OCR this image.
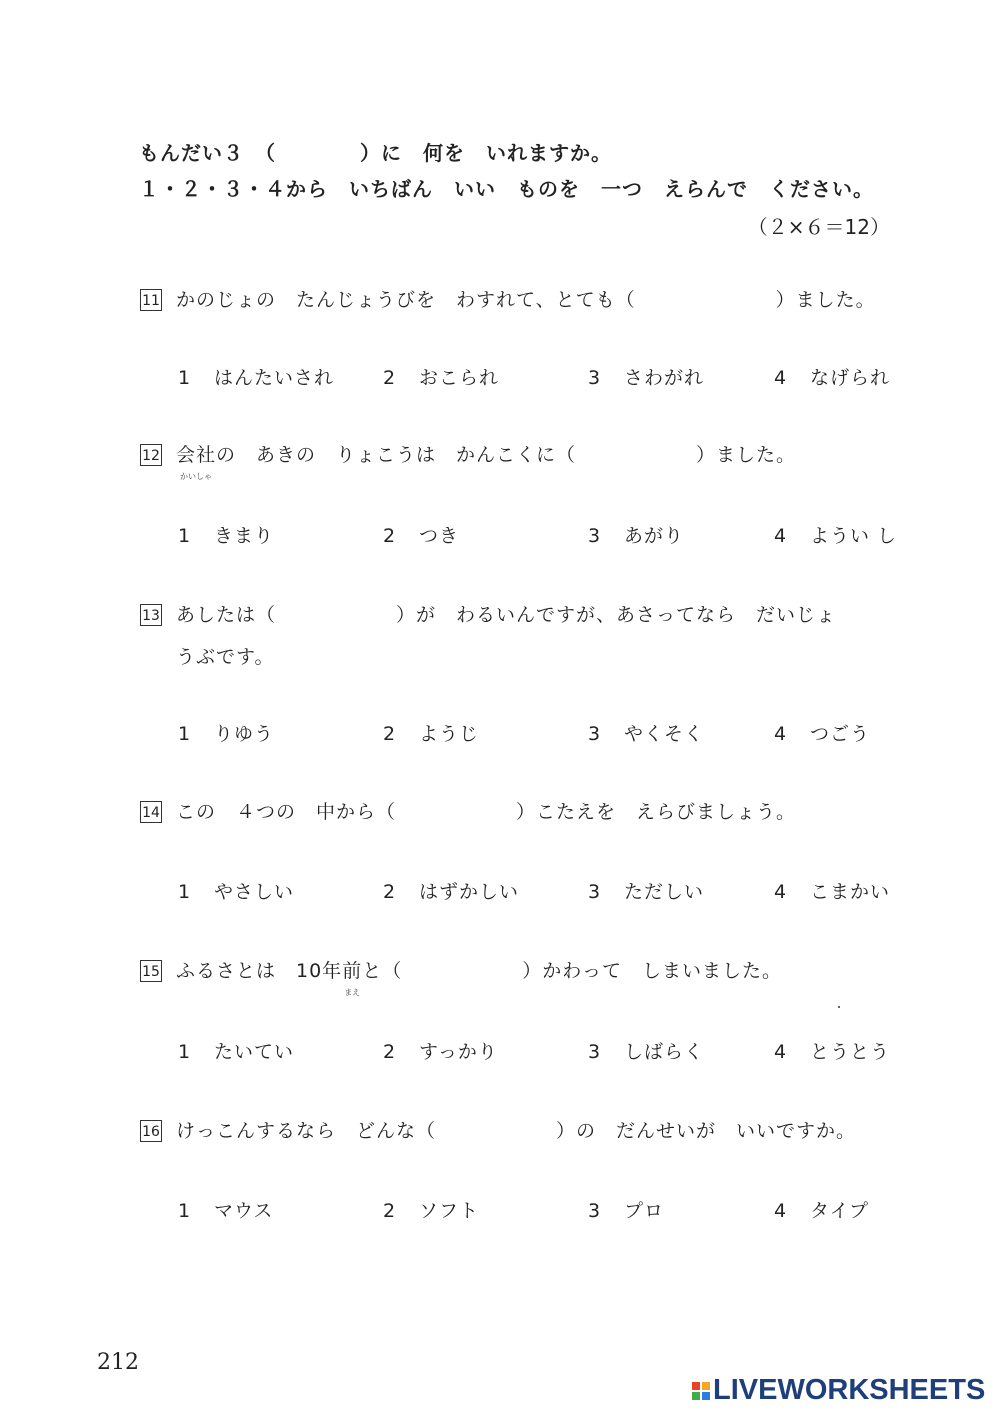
もんだい３　（　　　　）に　何を　いれますか。
１・２・３・４から　いちばん　いい　ものを　一つ　えらんで　ください。
（２×６＝12）
11 かのじょの　たんじょうびを　わすれて、とても（　　　　　　　）ました。
1 はんたいされ	2 おこられ	3 さわがれ	4 なげられ
12 会社
かいしゃ
の　あきの　りょこうは　かんこくに（　　　　　　）ました。
1 きまり	2 つき	3 あがり	4 ようい し
13 あしたは（　　　　　　）が　わるいんですが、あさってなら　だいじょ
うぶです。
1 りゆう	2 ようじ	3 やくそく	4 つごう
14 この　４つの　中から（　　　　　　）こたえを　えらびましょう。
1 やさしい	2 はずかしい	3 ただしい	4 こまかい
15 ふるさとは　10年前
まえ
と（　　　　　　）かわって　しまいました。
1 たいてい	2 すっかり	3 しばらく	4 とうとう
16 けっこんするなら　どんな（　　　　　　）の　だんせいが　いいですか。
1 マウス	2 ソフト	3 プロ	4 タイプ
212
LIVEWORKSHEETS
